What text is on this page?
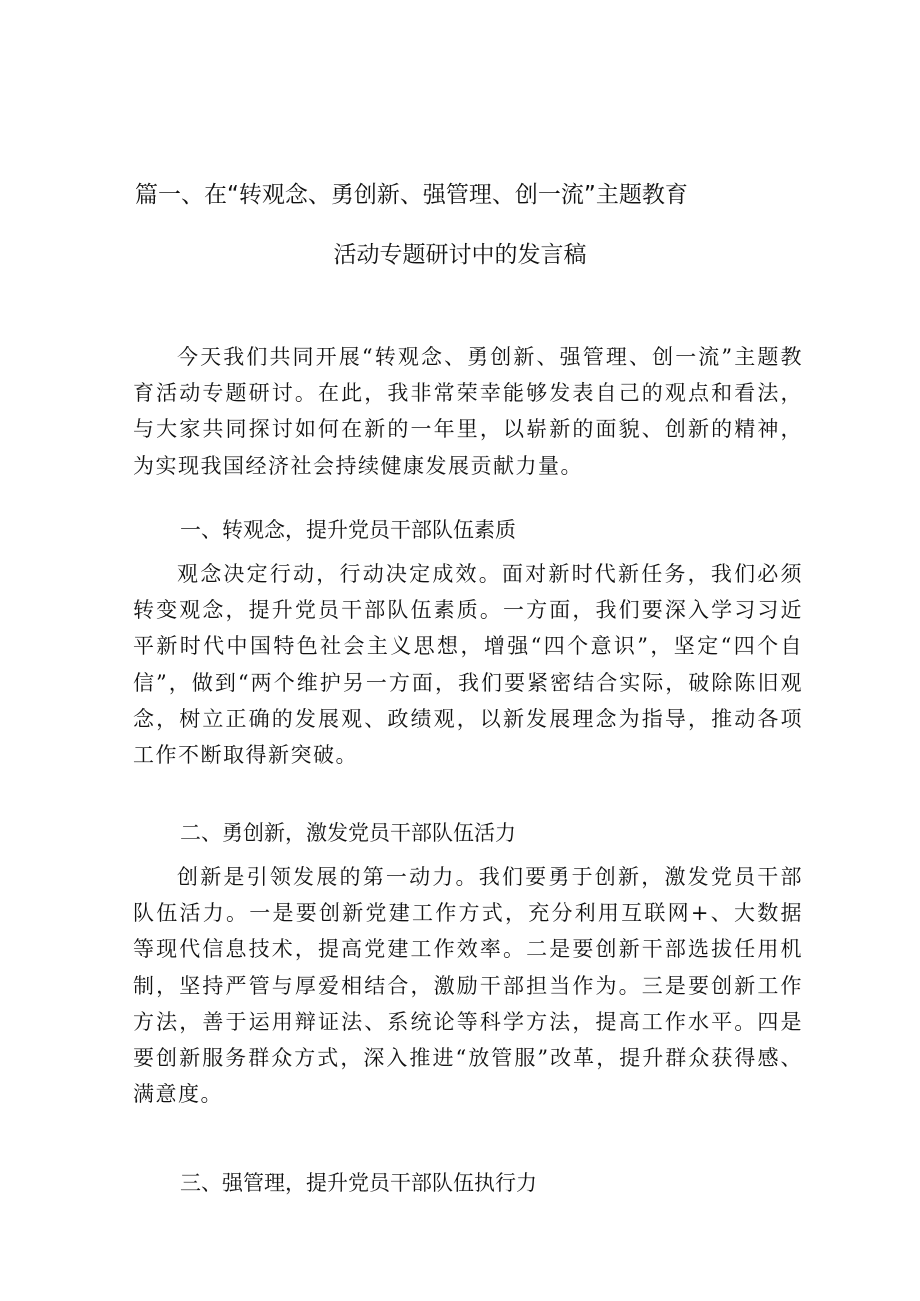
篇一、在“转观念、勇创新、强管理、创一流”主题教育
活动专题研讨中的发言稿

今天我们共同开展“转观念、勇创新、强管理、创一流”主题教育活动专题研讨。在此，我非常荣幸能够发表自己的观点和看法，与大家共同探讨如何在新的一年里，以崭新的面貌、创新的精神，为实现我国经济社会持续健康发展贡献力量。

一、转观念，提升党员干部队伍素质

观念决定行动，行动决定成效。面对新时代新任务，我们必须转变观念，提升党员干部队伍素质。一方面，我们要深入学习习近平新时代中国特色社会主义思想，增强“四个意识”，坚定“四个自信”，做到“两个维护另一方面，我们要紧密结合实际，破除陈旧观念，树立正确的发展观、政绩观，以新发展理念为指导，推动各项工作不断取得新突破。

二、勇创新，激发党员干部队伍活力

创新是引领发展的第一动力。我们要勇于创新，激发党员干部队伍活力。一是要创新党建工作方式，充分利用互联网+、大数据等现代信息技术，提高党建工作效率。二是要创新干部选拔任用机制，坚持严管与厚爱相结合，激励干部担当作为。三是要创新工作方法，善于运用辩证法、系统论等科学方法，提高工作水平。四是要创新服务群众方式，深入推进“放管服”改革，提升群众获得感、满意度。

三、强管理，提升党员干部队伍执行力
